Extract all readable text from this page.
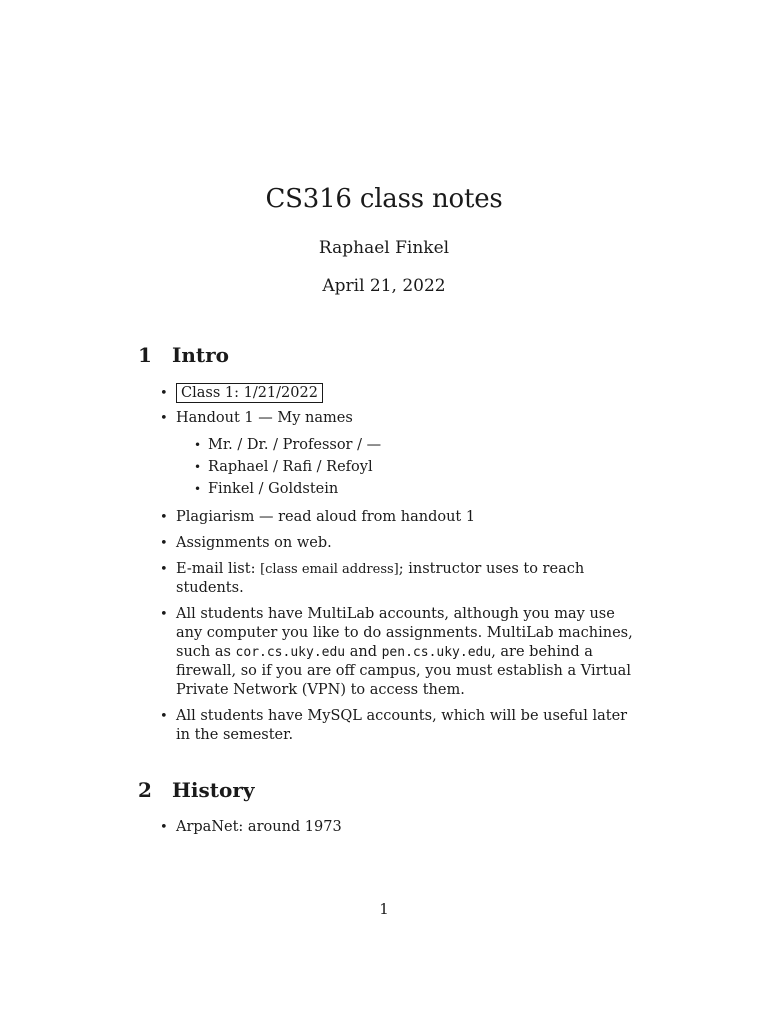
CS316 class notes
Raphael Finkel
April 21, 2022
1 Intro
• Class 1: 1/21/2022
• Handout 1 — My names
• Mr. / Dr. / Professor / —
• Raphael / Rafi / Refoyl
• Finkel / Goldstein
• Plagiarism — read aloud from handout 1
• Assignments on web.
• E-mail list: [class email address]; instructor uses to reach students.
• All students have MultiLab accounts, although you may use any computer you like to do assignments. MultiLab machines, such as cor.cs.uky.edu and pen.cs.uky.edu, are behind a firewall, so if you are off campus, you must establish a Virtual Private Network (VPN) to access them.
• All students have MySQL accounts, which will be useful later in the semester.
2 History
• ArpaNet: around 1973
1
